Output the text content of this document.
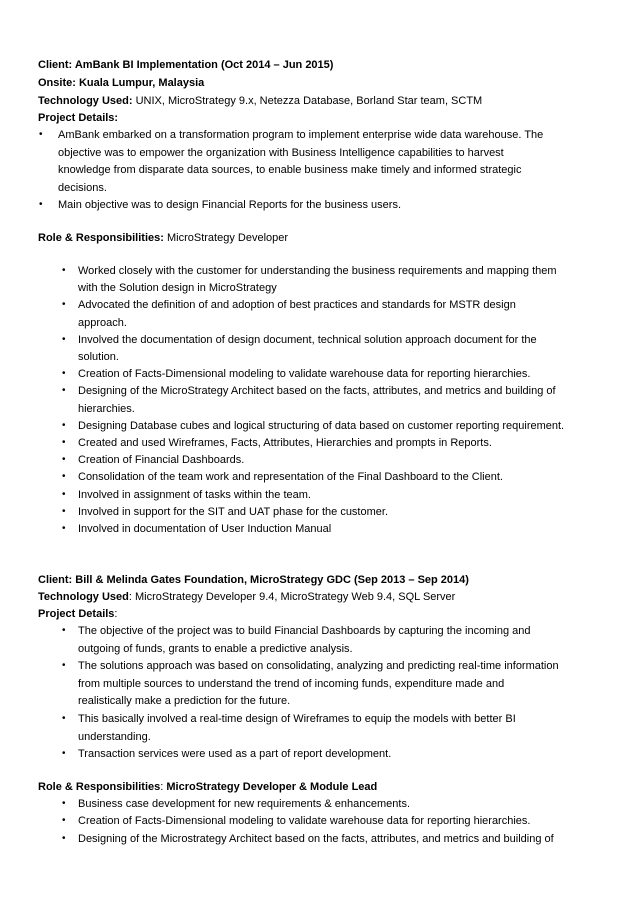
Client: AmBank BI Implementation (Oct 2014 – Jun 2015)
Onsite: Kuala Lumpur, Malaysia
Technology Used: UNIX, MicroStrategy 9.x, Netezza Database, Borland Star team, SCTM
Project Details:
• AmBank embarked on a transformation program to implement enterprise wide data warehouse. The
objective was to empower the organization with Business Intelligence capabilities to harvest
knowledge from disparate data sources, to enable business make timely and informed strategic
decisions.
• Main objective was to design Financial Reports for the business users.
Role & Responsibilities: MicroStrategy Developer
• Worked closely with the customer for understanding the business requirements and mapping them
with the Solution design in MicroStrategy
• Advocated the definition of and adoption of best practices and standards for MSTR design
approach.
• Involved the documentation of design document, technical solution approach document for the
solution.
• Creation of Facts-Dimensional modeling to validate warehouse data for reporting hierarchies.
• Designing of the MicroStrategy Architect based on the facts, attributes, and metrics and building of
hierarchies.
• Designing Database cubes and logical structuring of data based on customer reporting requirement.
• Created and used Wireframes, Facts, Attributes, Hierarchies and prompts in Reports.
• Creation of Financial Dashboards.
• Consolidation of the team work and representation of the Final Dashboard to the Client.
• Involved in assignment of tasks within the team.
• Involved in support for the SIT and UAT phase for the customer.
• Involved in documentation of User Induction Manual
Client: Bill & Melinda Gates Foundation, MicroStrategy GDC (Sep 2013 – Sep 2014)
Technology Used: MicroStrategy Developer 9.4, MicroStrategy Web 9.4, SQL Server
Project Details:
• The objective of the project was to build Financial Dashboards by capturing the incoming and
outgoing of funds, grants to enable a predictive analysis.
• The solutions approach was based on consolidating, analyzing and predicting real-time information
from multiple sources to understand the trend of incoming funds, expenditure made and
realistically make a prediction for the future.
• This basically involved a real-time design of Wireframes to equip the models with better BI
understanding.
• Transaction services were used as a part of report development.
Role & Responsibilities: MicroStrategy Developer & Module Lead
• Business case development for new requirements & enhancements.
• Creation of Facts-Dimensional modeling to validate warehouse data for reporting hierarchies.
• Designing of the Microstrategy Architect based on the facts, attributes, and metrics and building of
